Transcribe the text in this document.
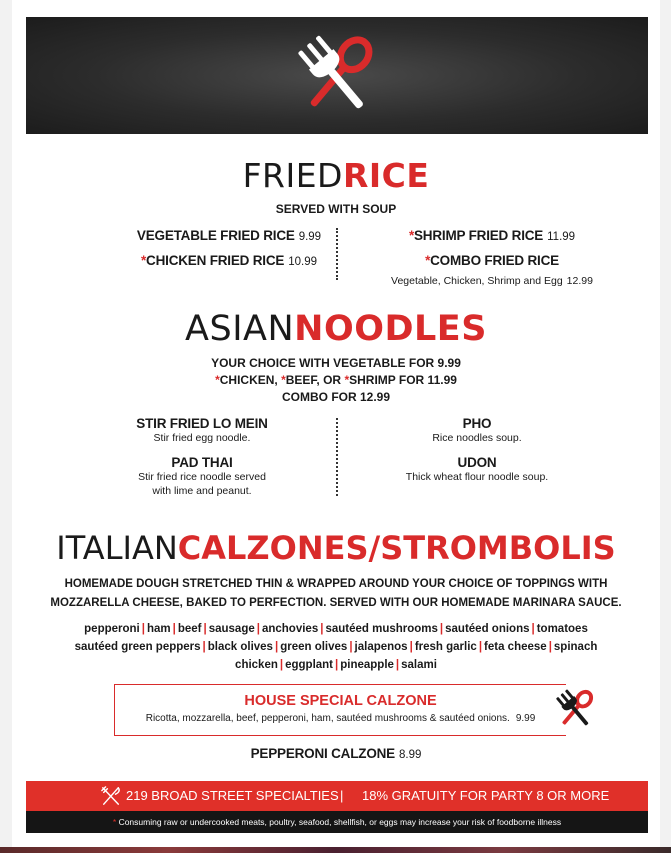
FRIEDRICE
SERVED WITH SOUP
VEGETABLE FRIED RICE 9.99
*CHICKEN FRIED RICE 10.99
*SHRIMP FRIED RICE 11.99
*COMBO FRIED RICE
Vegetable, Chicken, Shrimp and Egg 12.99
ASIANNOODLES
YOUR CHOICE WITH VEGETABLE FOR 9.99
*CHICKEN, *BEEF, OR *SHRIMP FOR 11.99
COMBO FOR 12.99
STIR FRIED LO MEIN
Stir fried egg noodle.
PAD THAI
Stir fried rice noodle served
with lime and peanut.
PHO
Rice noodles soup.
UDON
Thick wheat flour noodle soup.
ITALIANCALZONES/STROMBOLIS
HOMEMADE DOUGH STRETCHED THIN & WRAPPED AROUND YOUR CHOICE OF TOPPINGS WITH
MOZZARELLA CHEESE, BAKED TO PERFECTION. SERVED WITH OUR HOMEMADE MARINARA SAUCE.
pepperoni | ham | beef | sausage | anchovies | sautéed mushrooms | sautéed onions | tomatoes
sautéed green peppers | black olives | green olives | jalapenos | fresh garlic | feta cheese | spinach
chicken | eggplant | pineapple | salami
HOUSE SPECIAL CALZONE
Ricotta, mozzarella, beef, pepperoni, ham, sautéed mushrooms & sautéed onions. 9.99
PEPPERONI CALZONE 8.99
219 BROAD STREET SPECIALTIES | 18% GRATUITY FOR PARTY 8 OR MORE
* Consuming raw or undercooked meats, poultry, seafood, shellfish, or eggs may increase your risk of foodborne illness
